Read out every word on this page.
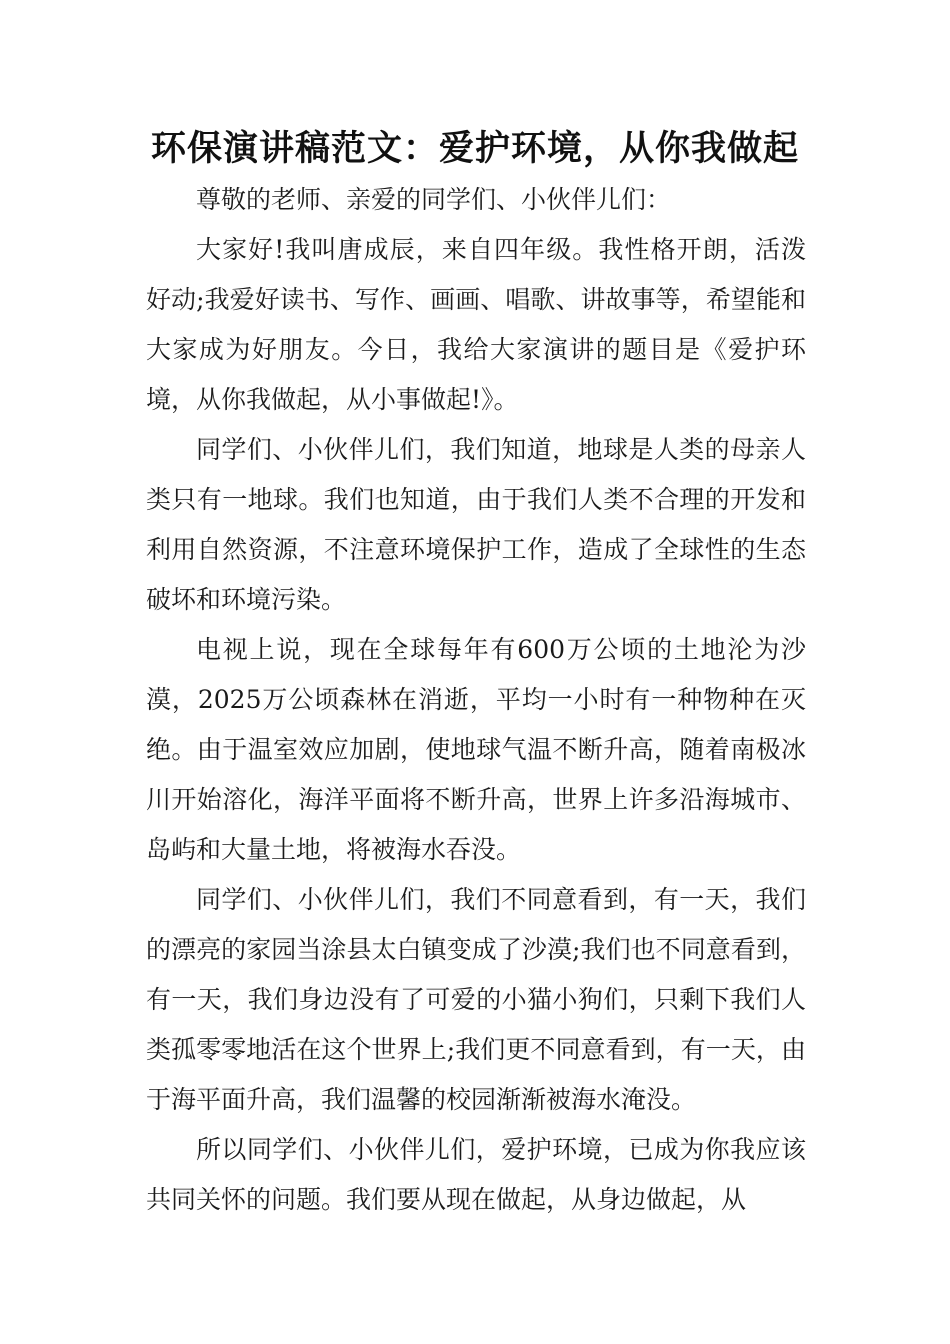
环保演讲稿范文：爱护环境，从你我做起

尊敬的老师、亲爱的同学们、小伙伴儿们：

大家好!我叫唐成辰，来自四年级。我性格开朗，活泼好动;我爱好读书、写作、画画、唱歌、讲故事等，希望能和大家成为好朋友。今日，我给大家演讲的题目是《爱护环境，从你我做起，从小事做起!》。

同学们、小伙伴儿们，我们知道，地球是人类的母亲人类只有一地球。我们也知道，由于我们人类不合理的开发和利用自然资源，不注意环境保护工作，造成了全球性的生态破坏和环境污染。

电视上说，现在全球每年有600万公顷的土地沦为沙漠，2025万公顷森林在消逝，平均一小时有一种物种在灭绝。由于温室效应加剧，使地球气温不断升高，随着南极冰川开始溶化，海洋平面将不断升高，世界上许多沿海城市、岛屿和大量土地，将被海水吞没。

同学们、小伙伴儿们，我们不同意看到，有一天，我们的漂亮的家园当涂县太白镇变成了沙漠;我们也不同意看到，有一天，我们身边没有了可爱的小猫小狗们，只剩下我们人类孤零零地活在这个世界上;我们更不同意看到，有一天，由于海平面升高，我们温馨的校园渐渐被海水淹没。

所以同学们、小伙伴儿们，爱护环境，已成为你我应该共同关怀的问题。我们要从现在做起，从身边做起，从
